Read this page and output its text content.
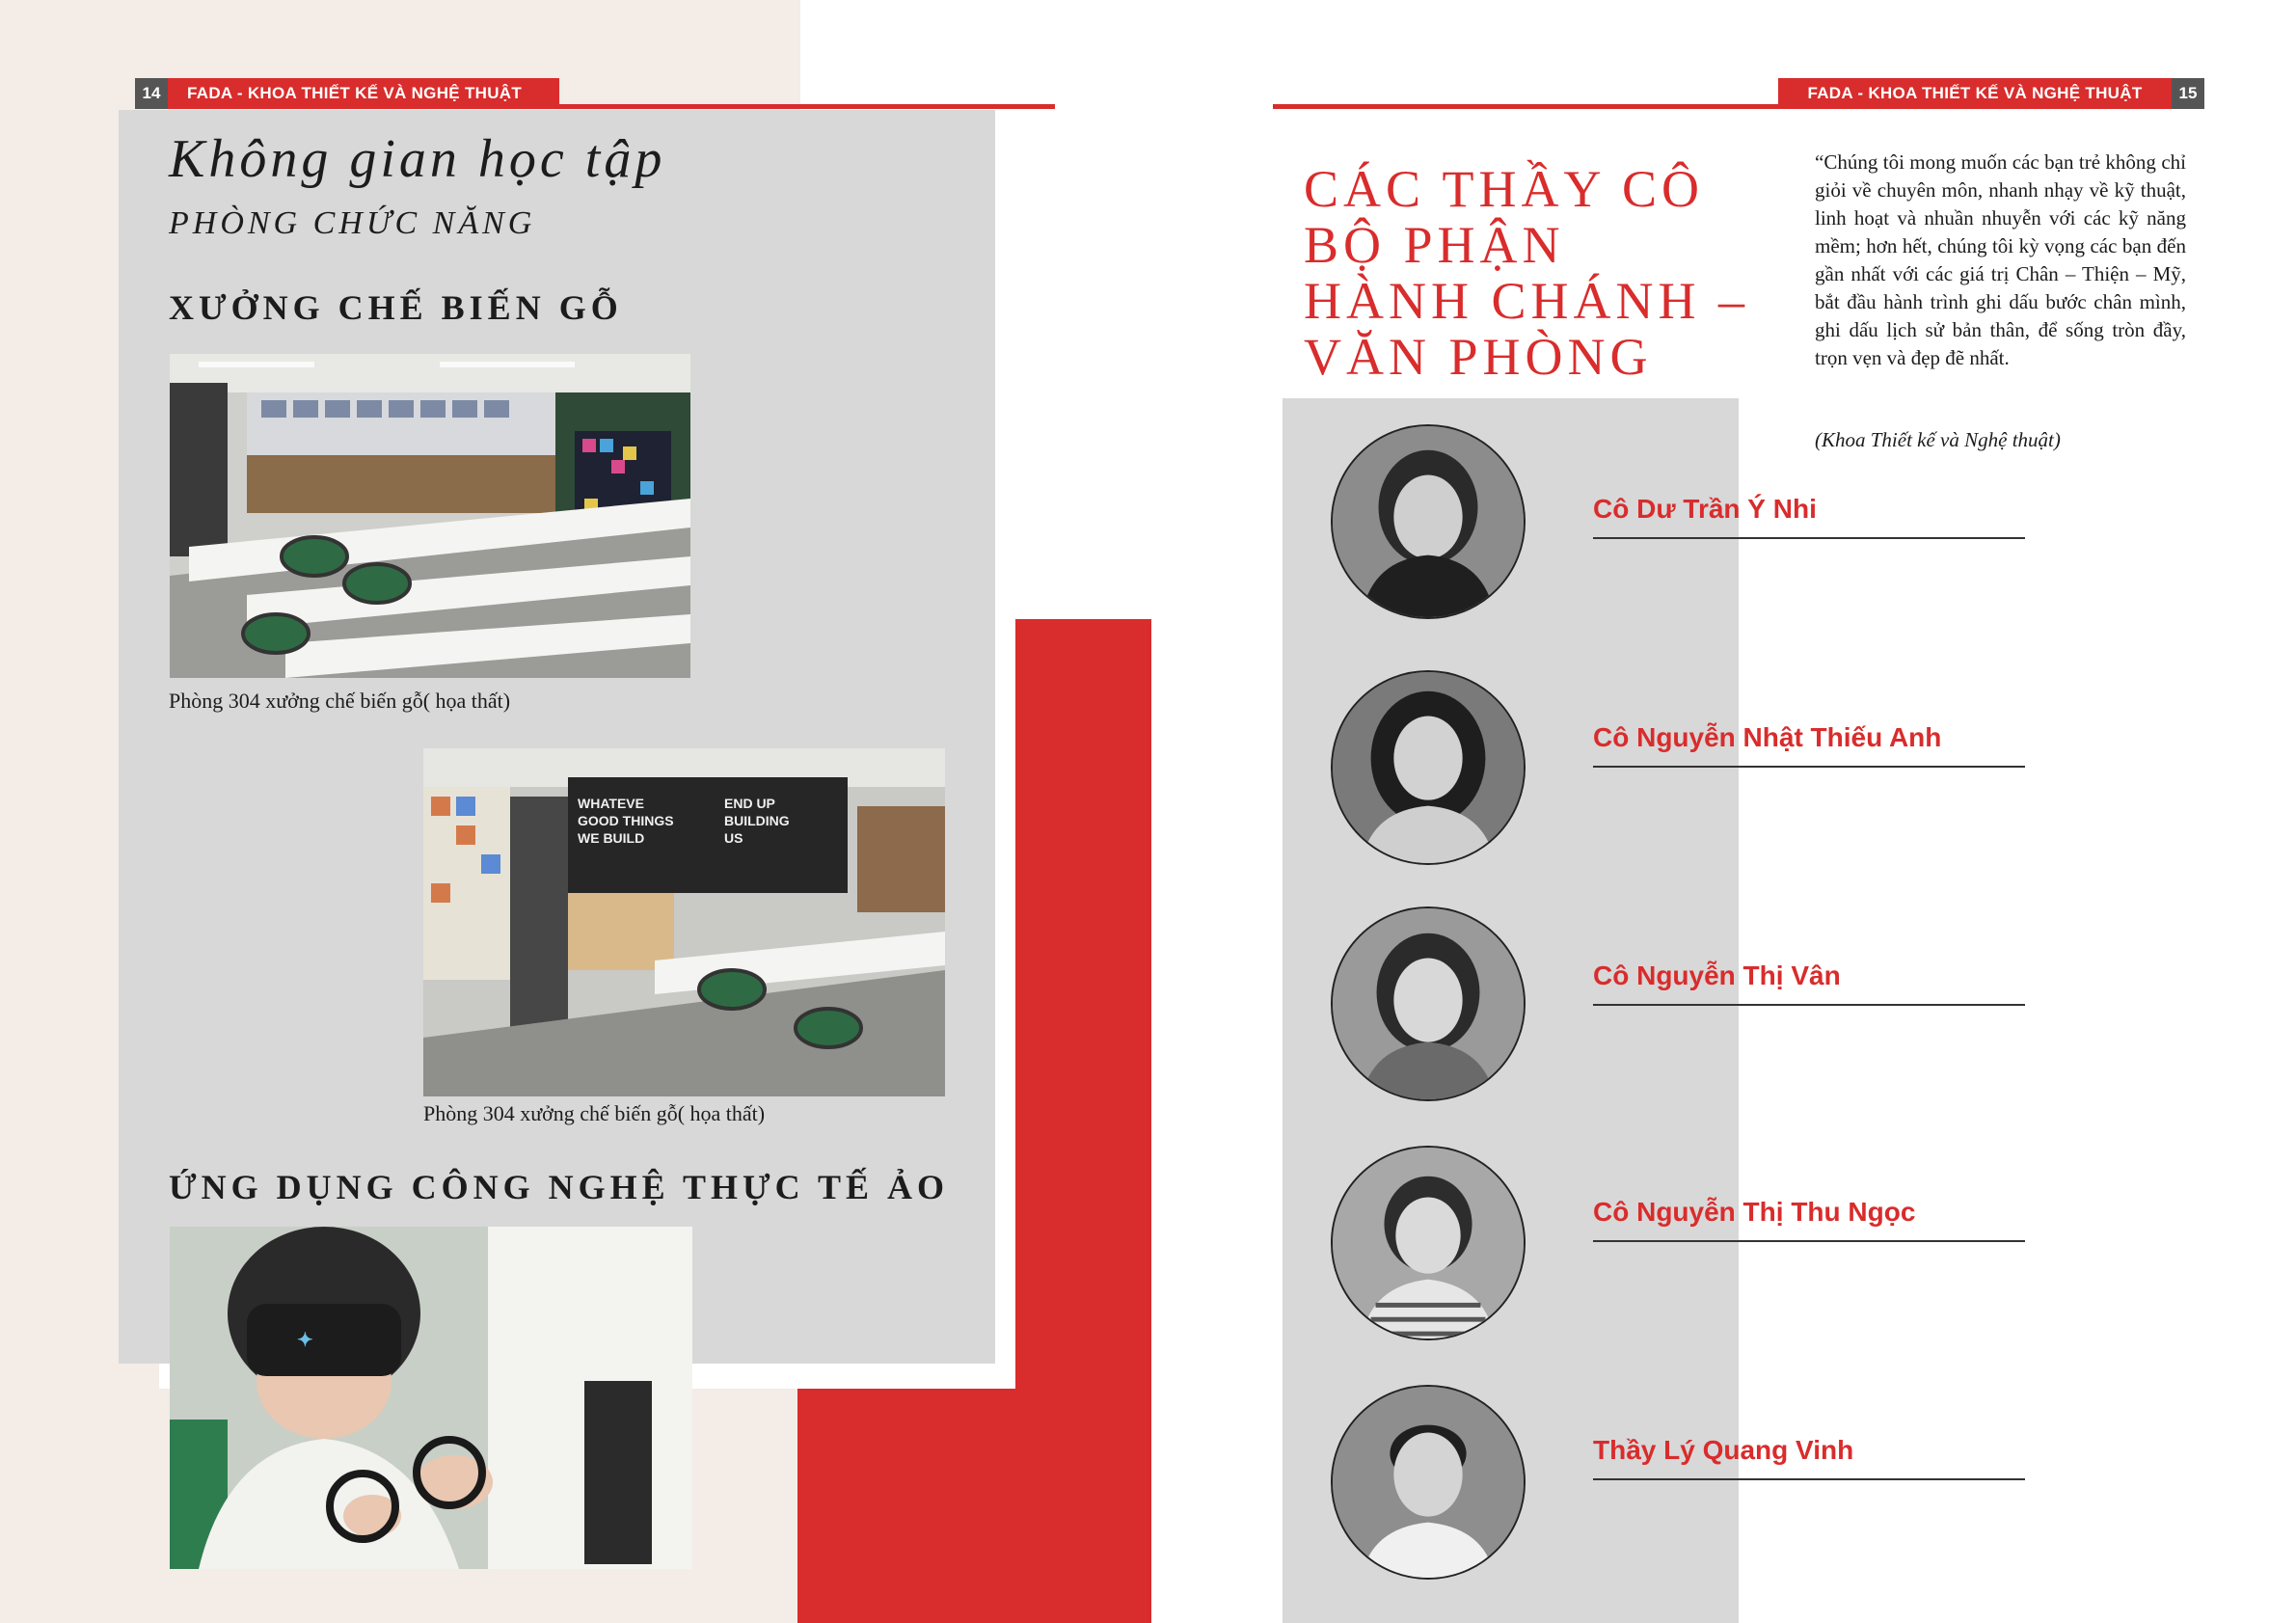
14	FADA - KHOA THIẾT KẾ VÀ NGHỆ THUẬT	FADA - KHOA THIẾT KẾ VÀ NGHỆ THUẬT	15
Không gian học tập
PHÒNG CHỨC NĂNG
XƯỞNG CHẾ BIẾN GỖ
Phòng 304 xưởng chế biến gỗ( họa thất)
WHATEVE
GOOD THINGS
WE BUILD
END UP
BUILDING
US
Phòng 304 xưởng chế biến gỗ( họa thất)
ỨNG DỤNG CÔNG NGHỆ THỰC TẾ ẢO
✦
CÁC THẦY CÔ
BỘ PHẬN
HÀNH CHÁNH –
VĂN PHÒNG
“Chúng tôi mong muốn các bạn trẻ không chỉ giỏi về chuyên môn, nhanh nhạy về kỹ thuật, linh hoạt và nhuần nhuyễn với các kỹ năng mềm; hơn hết, chúng tôi kỳ vọng các bạn đến gần nhất với các giá trị Chân – Thiện – Mỹ, bắt đầu hành trình ghi dấu bước chân mình, ghi dấu lịch sử bản thân, để sống tròn đầy, trọn vẹn và đẹp đẽ nhất.
(Khoa Thiết kế và Nghệ thuật)
Cô Dư Trần Ý Nhi
Cô Nguyễn Nhật Thiếu Anh
Cô Nguyễn Thị Vân
Cô Nguyễn Thị Thu Ngọc
Thầy Lý Quang Vinh
